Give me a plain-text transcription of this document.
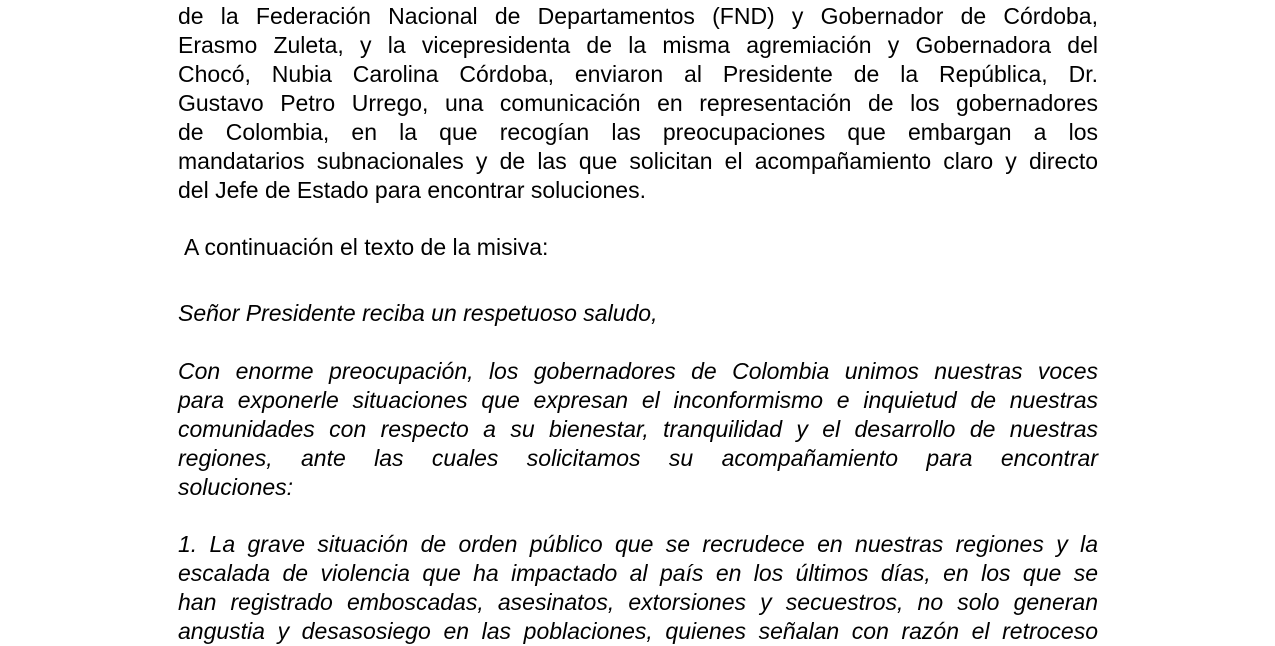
de la Federación Nacional de Departamentos (FND) y Gobernador de Córdoba,
Erasmo Zuleta, y la vicepresidenta de la misma agremiación y Gobernadora del
Chocó, Nubia Carolina Córdoba, enviaron al Presidente de la República, Dr.
Gustavo Petro Urrego, una comunicación en representación de los gobernadores
de Colombia, en la que recogían las preocupaciones que embargan a los
mandatarios subnacionales y de las que solicitan el acompañamiento claro y directo
del Jefe de Estado para encontrar soluciones.
A continuación el texto de la misiva:
Señor Presidente reciba un respetuoso saludo,
Con enorme preocupación, los gobernadores de Colombia unimos nuestras voces
para exponerle situaciones que expresan el inconformismo e inquietud de nuestras
comunidades con respecto a su bienestar, tranquilidad y el desarrollo de nuestras
regiones, ante las cuales solicitamos su acompañamiento para encontrar
soluciones:
1. La grave situación de orden público que se recrudece en nuestras regiones y la
escalada de violencia que ha impactado al país en los últimos días, en los que se
han registrado emboscadas, asesinatos, extorsiones y secuestros, no solo generan
angustia y desasosiego en las poblaciones, quienes señalan con razón el retroceso
